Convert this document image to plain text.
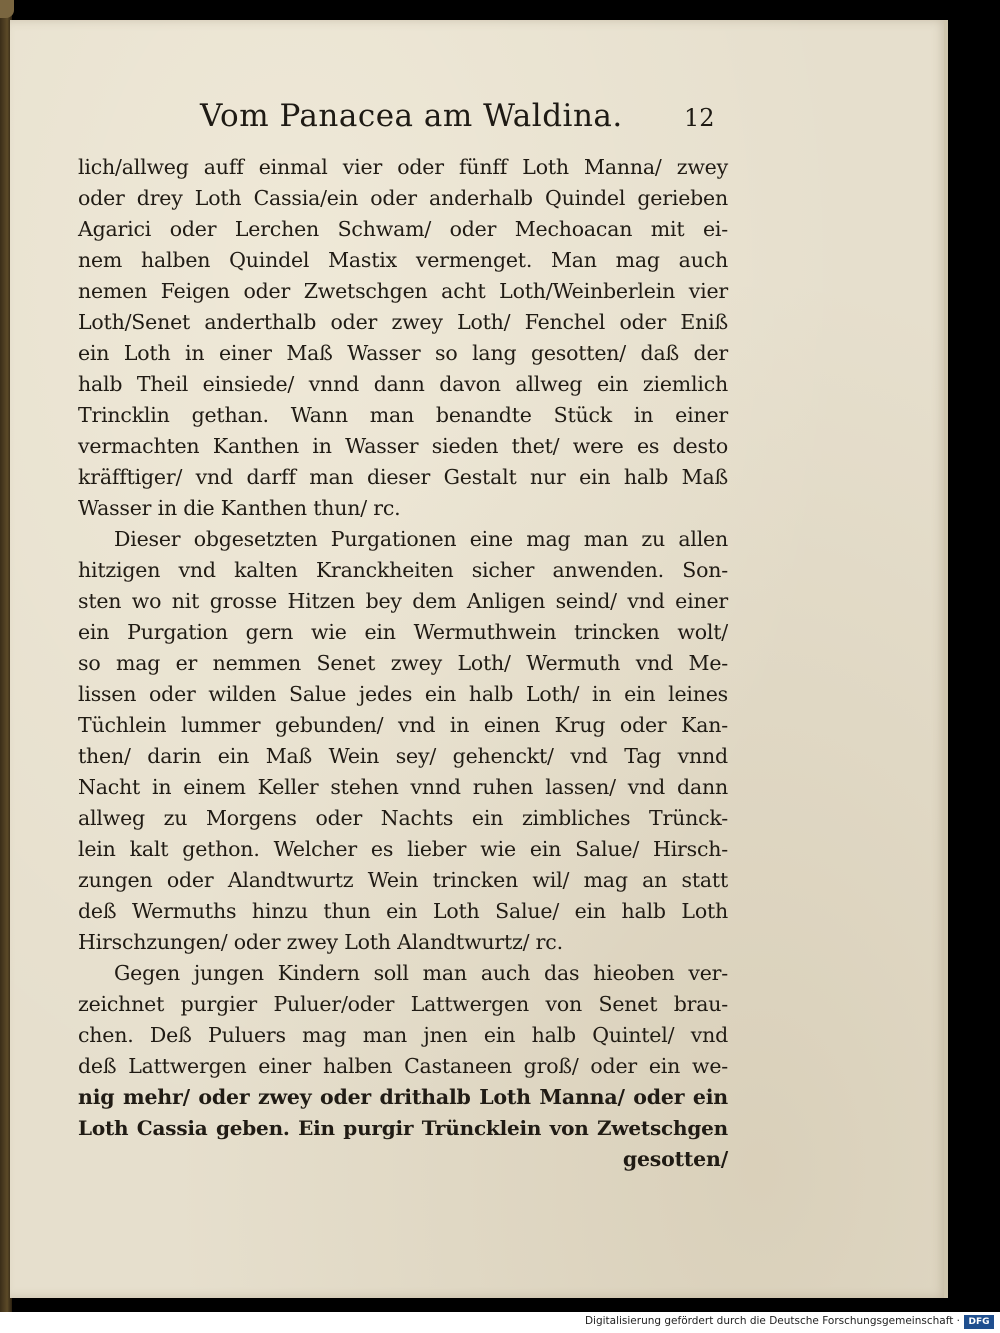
Vom Panacea am Waldina.	12
lich/allweg auff einmal vier oder fünff Loth Manna/ zwey
oder drey Loth Cassia/ein oder anderhalb Quindel gerieben
Agarici oder Lerchen Schwam/ oder Mechoacan mit ei-
nem halben Quindel Mastix vermenget. Man mag auch
nemen Feigen oder Zwetschgen acht Loth/Weinberlein vier
Loth/Senet anderthalb oder zwey Loth/ Fenchel oder Eniß
ein Loth in einer Maß Wasser so lang gesotten/ daß der
halb Theil einsiede/ vnnd dann davon allweg ein ziemlich
Trincklin gethan. Wann man benandte Stück in einer
vermachten Kanthen in Wasser sieden thet/ were es desto
kräfftiger/ vnd darff man dieser Gestalt nur ein halb Maß
Wasser in die Kanthen thun/ rc.
Dieser obgesetzten Purgationen eine mag man zu allen
hitzigen vnd kalten Kranckheiten sicher anwenden. Son-
sten wo nit grosse Hitzen bey dem Anligen seind/ vnd einer
ein Purgation gern wie ein Wermuthwein trincken wolt/
so mag er nemmen Senet zwey Loth/ Wermuth vnd Me-
lissen oder wilden Salue jedes ein halb Loth/ in ein leines
Tüchlein lummer gebunden/ vnd in einen Krug oder Kan-
then/ darin ein Maß Wein sey/ gehenckt/ vnd Tag vnnd
Nacht in einem Keller stehen vnnd ruhen lassen/ vnd dann
allweg zu Morgens oder Nachts ein zimbliches Trünck-
lein kalt gethon. Welcher es lieber wie ein Salue/ Hirsch-
zungen oder Alandtwurtz Wein trincken wil/ mag an statt
deß Wermuths hinzu thun ein Loth Salue/ ein halb Loth
Hirschzungen/ oder zwey Loth Alandtwurtz/ rc.
Gegen jungen Kindern soll man auch das hieoben ver-
zeichnet purgier Puluer/oder Lattwergen von Senet brau-
chen. Deß Puluers mag man jnen ein halb Quintel/ vnd
deß Lattwergen einer halben Castaneen groß/ oder ein we-
nig mehr/ oder zwey oder drithalb Loth Manna/ oder ein
Loth Cassia geben. Ein purgir Trüncklein von Zwetschgen
gesotten/
Digitalisierung gefördert durch die Deutsche Forschungsgemeinschaft · DFG
